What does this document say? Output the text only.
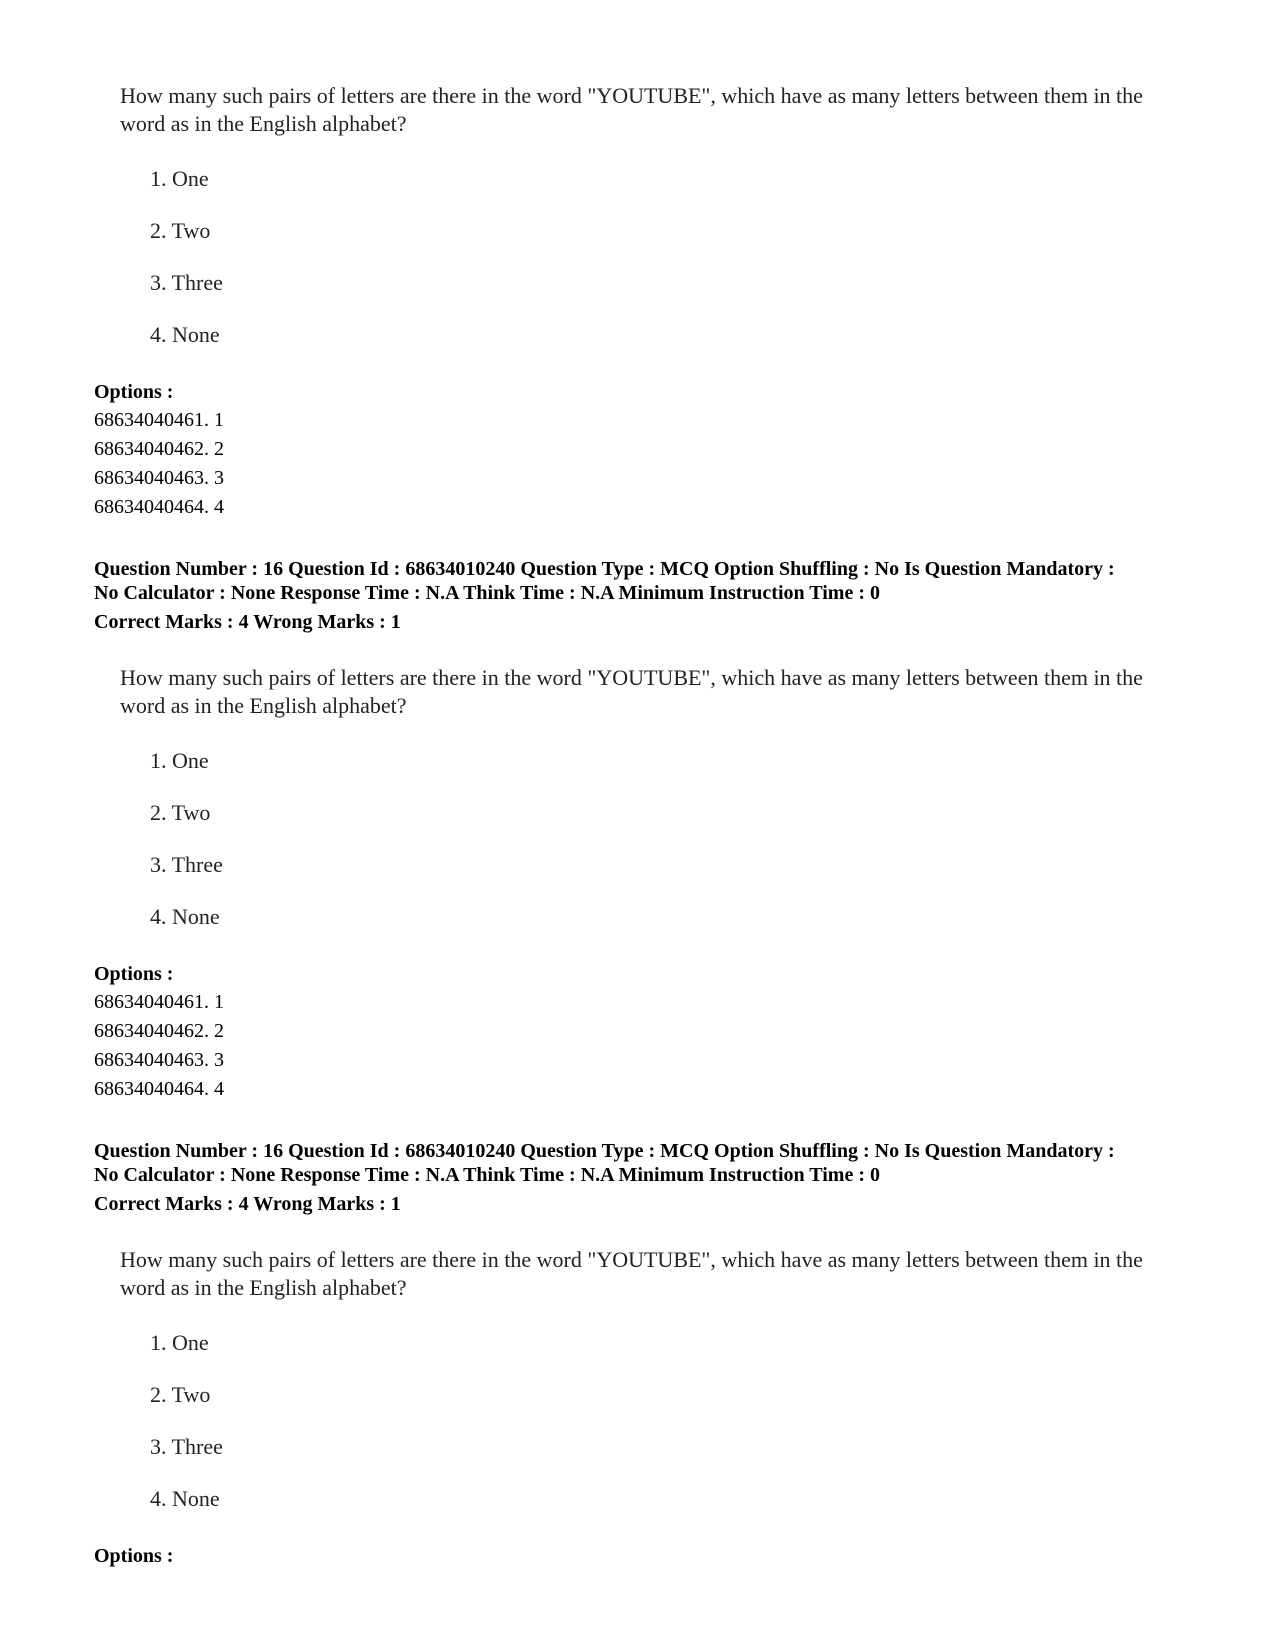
How many such pairs of letters are there in the word "YOUTUBE", which have as many letters between them in the word as in the English alphabet?
1. One
2. Two
3. Three
4. None
Options :
68634040461. 1
68634040462. 2
68634040463. 3
68634040464. 4
Question Number : 16 Question Id : 68634010240 Question Type : MCQ Option Shuffling : No Is Question Mandatory :
No Calculator : None Response Time : N.A Think Time : N.A Minimum Instruction Time : 0
Correct Marks : 4 Wrong Marks : 1
How many such pairs of letters are there in the word "YOUTUBE", which have as many letters between them in the word as in the English alphabet?
1. One
2. Two
3. Three
4. None
Options :
68634040461. 1
68634040462. 2
68634040463. 3
68634040464. 4
Question Number : 16 Question Id : 68634010240 Question Type : MCQ Option Shuffling : No Is Question Mandatory :
No Calculator : None Response Time : N.A Think Time : N.A Minimum Instruction Time : 0
Correct Marks : 4 Wrong Marks : 1
How many such pairs of letters are there in the word "YOUTUBE", which have as many letters between them in the word as in the English alphabet?
1. One
2. Two
3. Three
4. None
Options :
